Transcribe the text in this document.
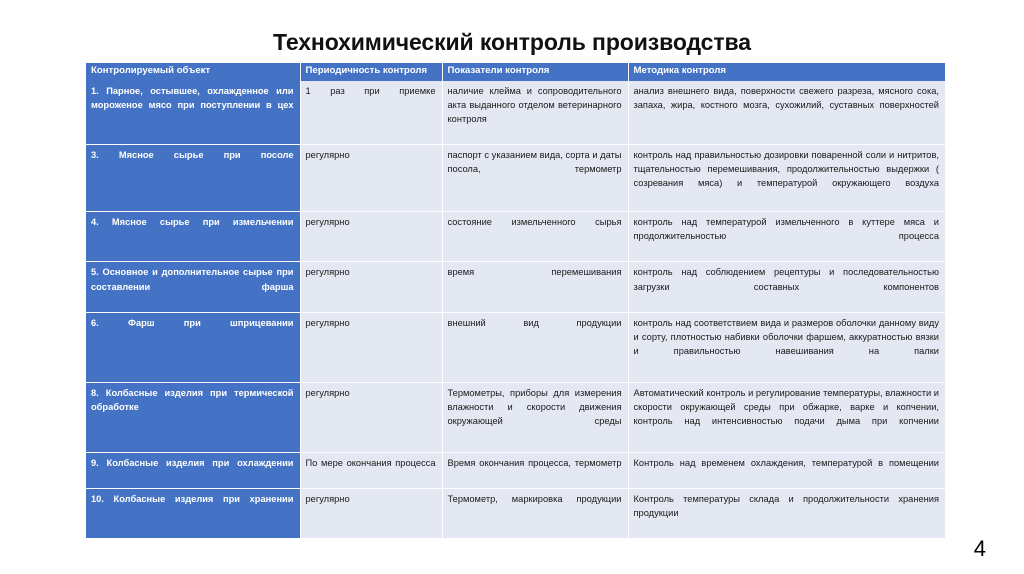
Технохимический контроль производства
Контролируемый объект	Периодичность контроля	Показатели контроля	Методика контроля
1. Парное, остывшее, охлажденное или мороженое мясо при поступлении в цех	1 раз при приемке	наличие клейма и сопроводительного акта выданного отделом ветеринарного контроля	анализ внешнего вида, поверхности свежего разреза, мясного сока, запаха, жира, костного мозга, сухожилий, суставных поверхностей
3. Мясное сырье при посоле	регулярно	паспорт с указанием вида, сорта и даты посола, термометр	контроль над правильностью дозировки поваренной соли и нитритов, тщательностью перемешивания, продолжительностью выдержки ( созревания мяса) и температурой окружающего воздуха
4. Мясное сырье при измельчении	регулярно	состояние измельченного сырья	контроль над температурой измельченного в куттере мяса и продолжительностью процесса
5. Основное и дополнительное сырье при составлении фарша	регулярно	время перемешивания	контроль над соблюдением рецептуры и последовательностью загрузки составных компонентов
6. Фарш при шприцевании	регулярно	внешний вид продукции	контроль над соответствием вида и размеров оболочки данному виду и сорту, плотностью набивки оболочки фаршем, аккуратностью вязки и правильностью навешивания на палки
8. Колбасные изделия при термической обработке	регулярно	Термометры, приборы для измерения влажности и скорости движения окружающей среды	Автоматический контроль и регулирование температуры, влажности и скорости окружающей среды при обжарке, варке и копчении, контроль над интенсивностью подачи дыма при копчении
9. Колбасные изделия при охлаждении	По мере окончания процесса	Время окончания процесса, термометр	Контроль над временем охлаждения, температурой в помещении
10. Колбасные изделия при хранении	регулярно	Термометр, маркировка продукции	Контроль температуры склада и продолжительности хранения продукции
4
